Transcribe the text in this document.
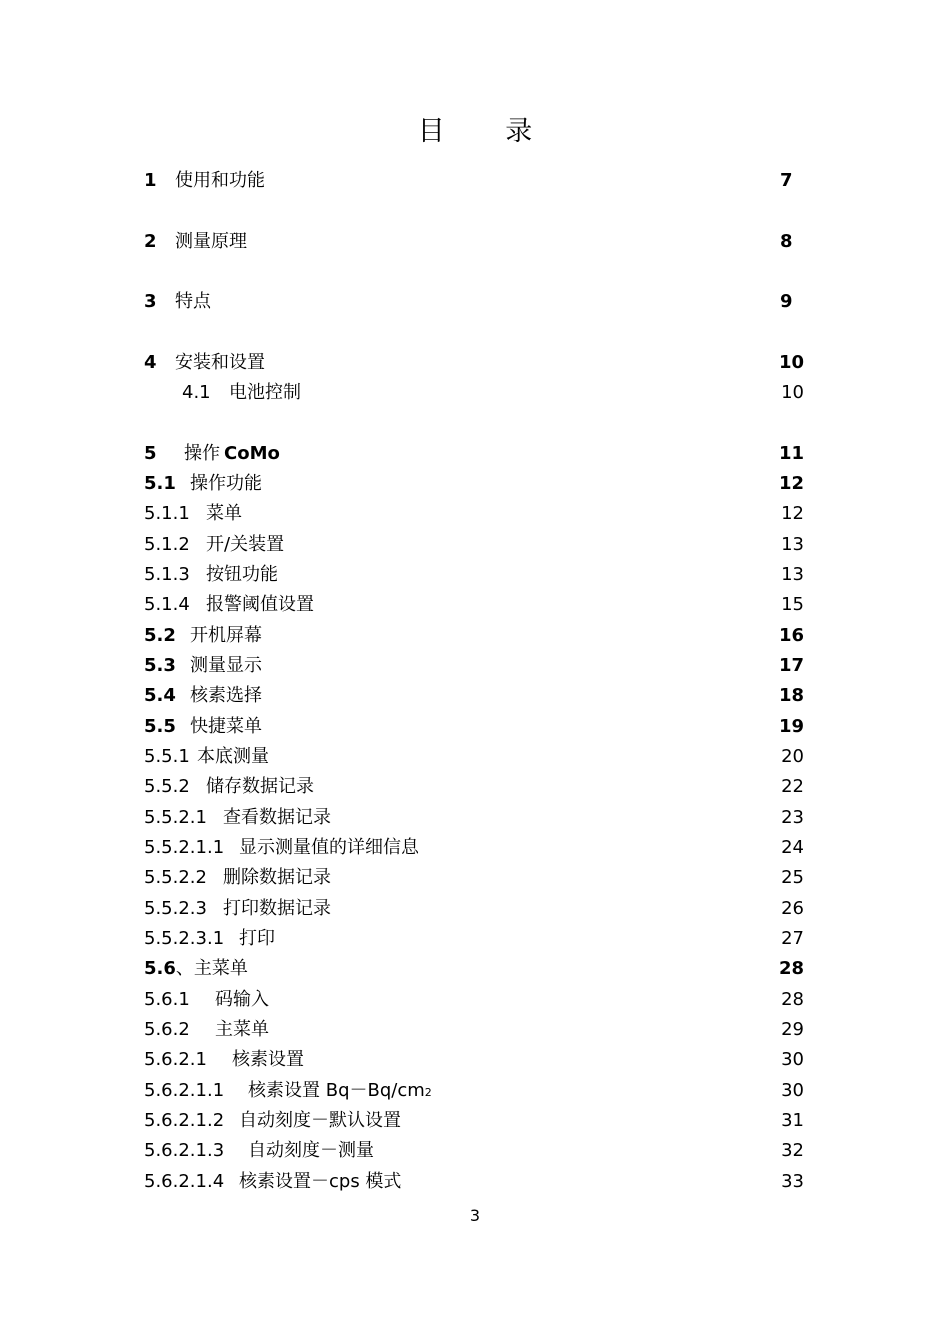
目 录
1 使用和功能	7
2 测量原理	8
3 特点	9
4 安装和设置	10
4.1 电池控制	10
5 操作 CoMo	11
5.1 操作功能	12
5.1.1 菜单	12
5.1.2 开/关装置	13
5.1.3 按钮功能	13
5.1.4 报警阈值设置	15
5.2 开机屏幕	16
5.3 测量显示	17
5.4 核素选择	18
5.5 快捷菜单	19
5.5.1 本底测量	20
5.5.2 储存数据记录	22
5.5.2.1 查看数据记录	23
5.5.2.1.1 显示测量值的详细信息	24
5.5.2.2 删除数据记录	25
5.5.2.3 打印数据记录	26
5.5.2.3.1 打印	27
5.6、主菜单	28
5.6.1 码输入	28
5.6.2 主菜单	29
5.6.2.1 核素设置	30
5.6.2.1.1 核素设置 Bq－Bq/cm2	30
5.6.2.1.2 自动刻度－默认设置	31
5.6.2.1.3 自动刻度－测量	32
5.6.2.1.4 核素设置－cps 模式	33
3
